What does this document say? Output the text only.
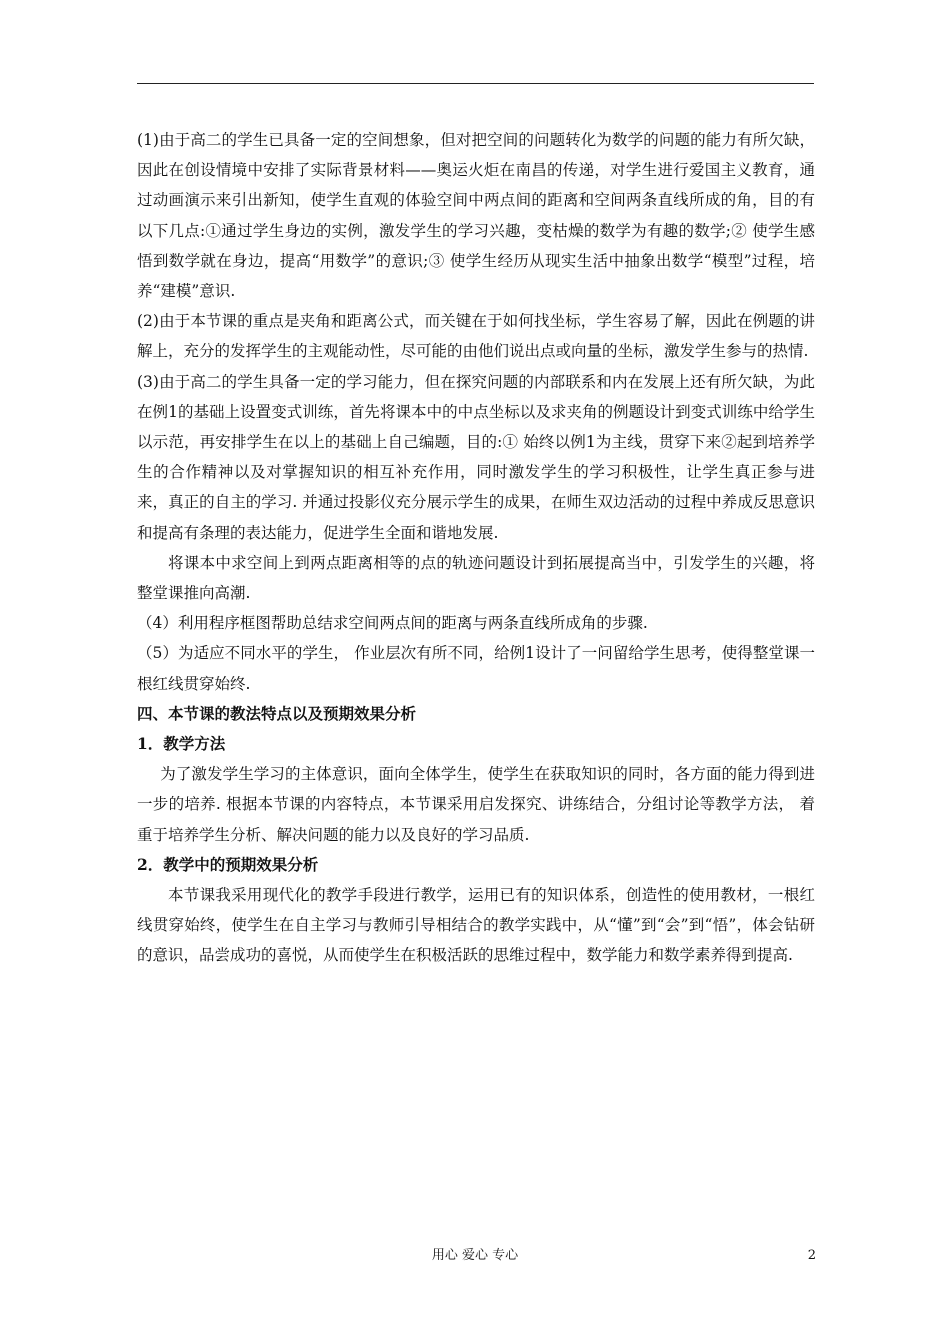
(1)由于高二的学生已具备一定的空间想象，但对把空间的问题转化为数学的问题的能力有所欠缺，因此在创设情境中安排了实际背景材料——奥运火炬在南昌的传递，对学生进行爱国主义教育，通过动画演示来引出新知，使学生直观的体验空间中两点间的距离和空间两条直线所成的角，目的有以下几点:①通过学生身边的实例，激发学生的学习兴趣，变枯燥的数学为有趣的数学;② 使学生感悟到数学就在身边，提高“用数学”的意识;③ 使学生经历从现实生活中抽象出数学“模型”过程，培养“建模”意识.

(2)由于本节课的重点是夹角和距离公式，而关键在于如何找坐标，学生容易了解，因此在例题的讲解上，充分的发挥学生的主观能动性，尽可能的由他们说出点或向量的坐标，激发学生参与的热情.

(3)由于高二的学生具备一定的学习能力，但在探究问题的内部联系和内在发展上还有所欠缺，为此在例1的基础上设置变式训练，首先将课本中的中点坐标以及求夹角的例题设计到变式训练中给学生以示范，再安排学生在以上的基础上自己编题，目的:① 始终以例1为主线，贯穿下来②起到培养学生的合作精神以及对掌握知识的相互补充作用，同时激发学生的学习积极性，让学生真正参与进来，真正的自主的学习. 并通过投影仪充分展示学生的成果，在师生双边活动的过程中养成反思意识和提高有条理的表达能力，促进学生全面和谐地发展.

将课本中求空间上到两点距离相等的点的轨迹问题设计到拓展提高当中，引发学生的兴趣，将整堂课推向高潮.

（4）利用程序框图帮助总结求空间两点间的距离与两条直线所成角的步骤.

（5）为适应不同水平的学生， 作业层次有所不同，给例1设计了一问留给学生思考，使得整堂课一根红线贯穿始终.

四、本节课的教法特点以及预期效果分析

1．教学方法

为了激发学生学习的主体意识，面向全体学生，使学生在获取知识的同时，各方面的能力得到进一步的培养. 根据本节课的内容特点，本节课采用启发探究、讲练结合，分组讨论等教学方法， 着重于培养学生分析、解决问题的能力以及良好的学习品质.

2．教学中的预期效果分析

本节课我采用现代化的教学手段进行教学，运用已有的知识体系，创造性的使用教材，一根红线贯穿始终，使学生在自主学习与教师引导相结合的教学实践中，从“懂”到“会”到“悟”，体会钻研的意识，品尝成功的喜悦，从而使学生在积极活跃的思维过程中，数学能力和数学素养得到提高.

用心 爱心 专心	2
